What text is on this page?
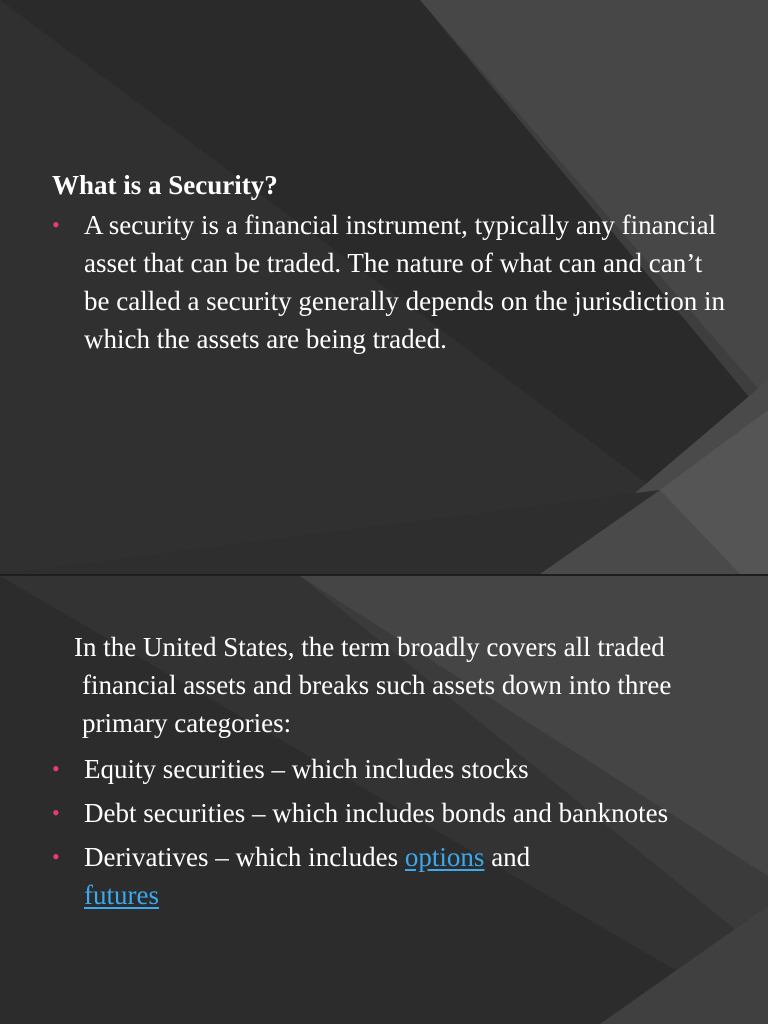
What is a Security?
• A security is a financial instrument, typically any financial asset that can be traded. The nature of what can and can’t be called a security generally depends on the jurisdiction in which the assets are being traded.
In the United States, the term broadly covers all traded financial assets and breaks such assets down into three primary categories:
• Equity securities – which includes stocks
• Debt securities – which includes bonds and banknotes
• Derivatives – which includes options and
futures
